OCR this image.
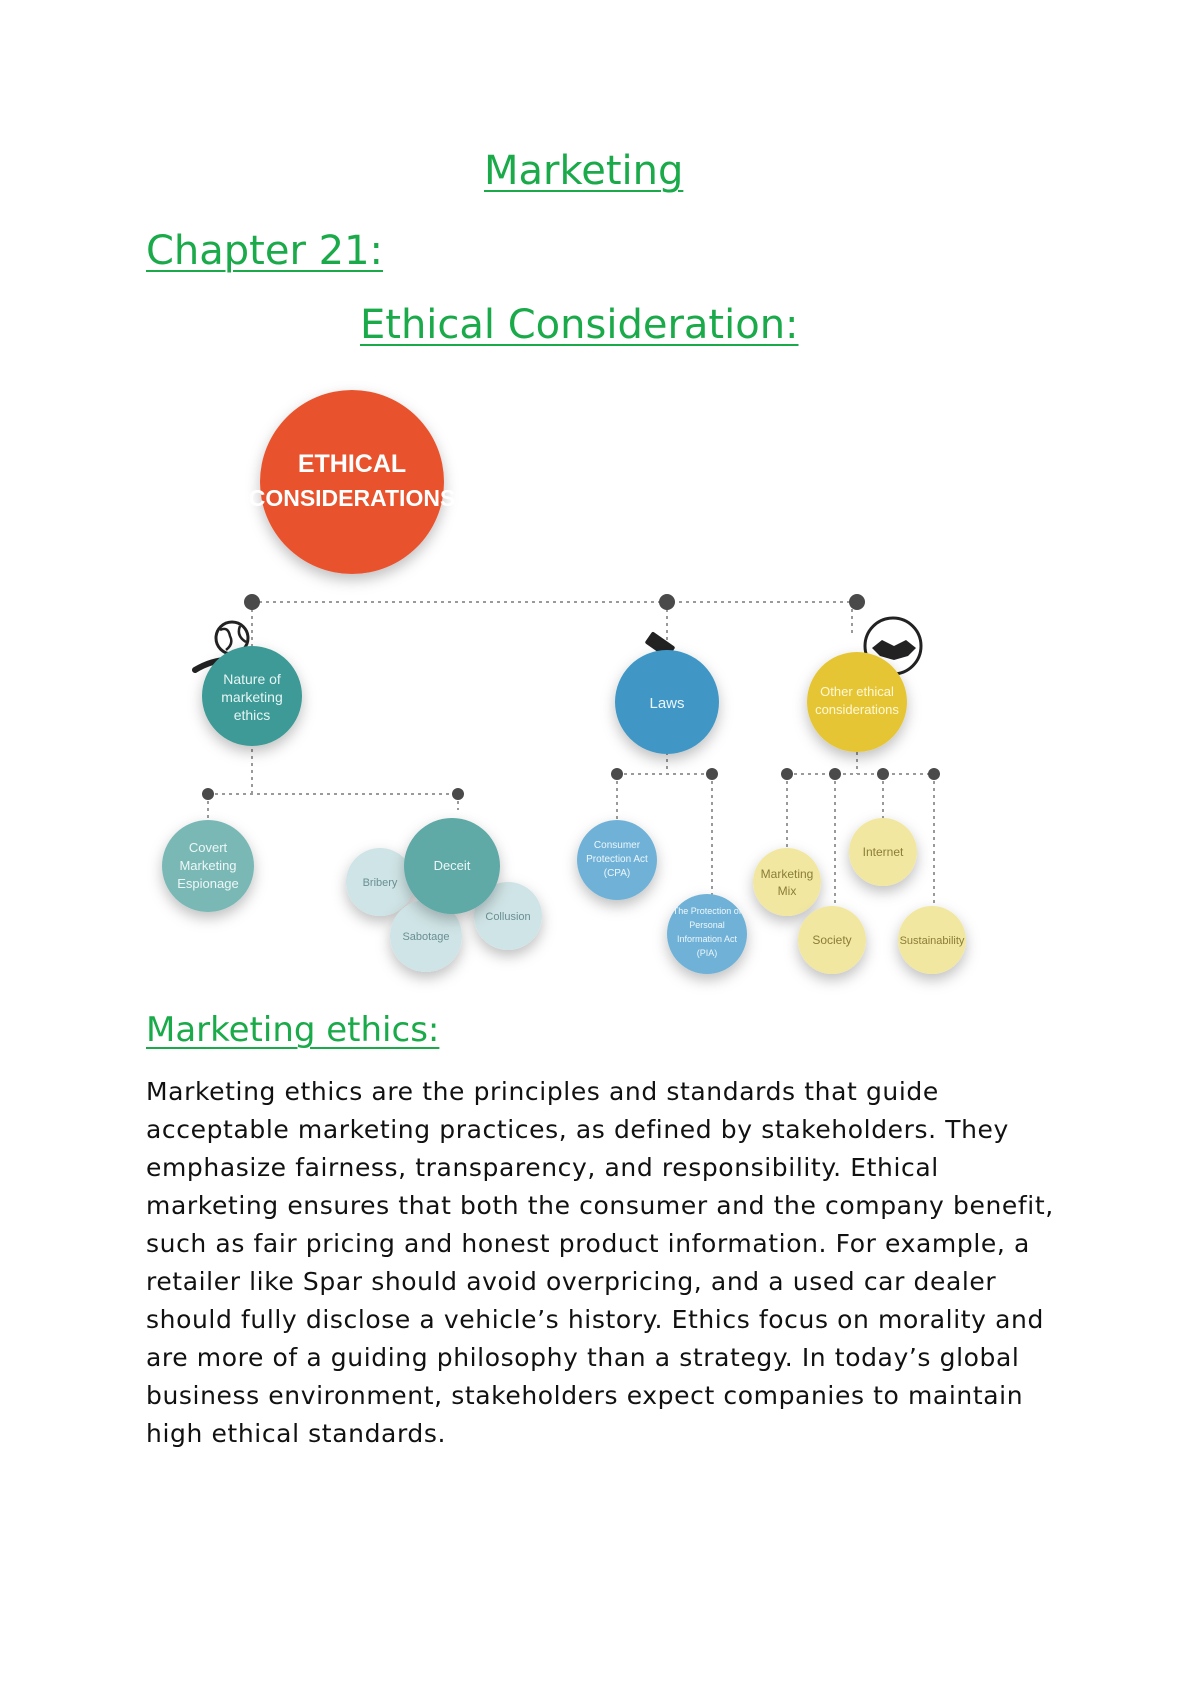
Marketing
Chapter 21:
Ethical Consideration:
ETHICAL
CONSIDERATIONS
Nature of
marketing
ethics
Laws
Other ethical
considerations
Covert
Marketing
Espionage	Bribery
Collusion
Sabotage
Deceit
Consumer
Protection Act
(CPA)
The Protection of
Personal
Information Act
(PIA)
Marketing
Mix
Internet
Society	Sustainability
Marketing ethics:

Marketing ethics are the principles and standards that guide acceptable marketing practices, as defined by stakeholders. They emphasize fairness, transparency, and responsibility. Ethical marketing ensures that both the consumer and the company benefit, such as fair pricing and honest product information. For example, a retailer like Spar should avoid overpricing, and a used car dealer should fully disclose a vehicle’s history. Ethics focus on morality and are more of a guiding philosophy than a strategy. In today’s global business environment, stakeholders expect companies to maintain high ethical standards.
